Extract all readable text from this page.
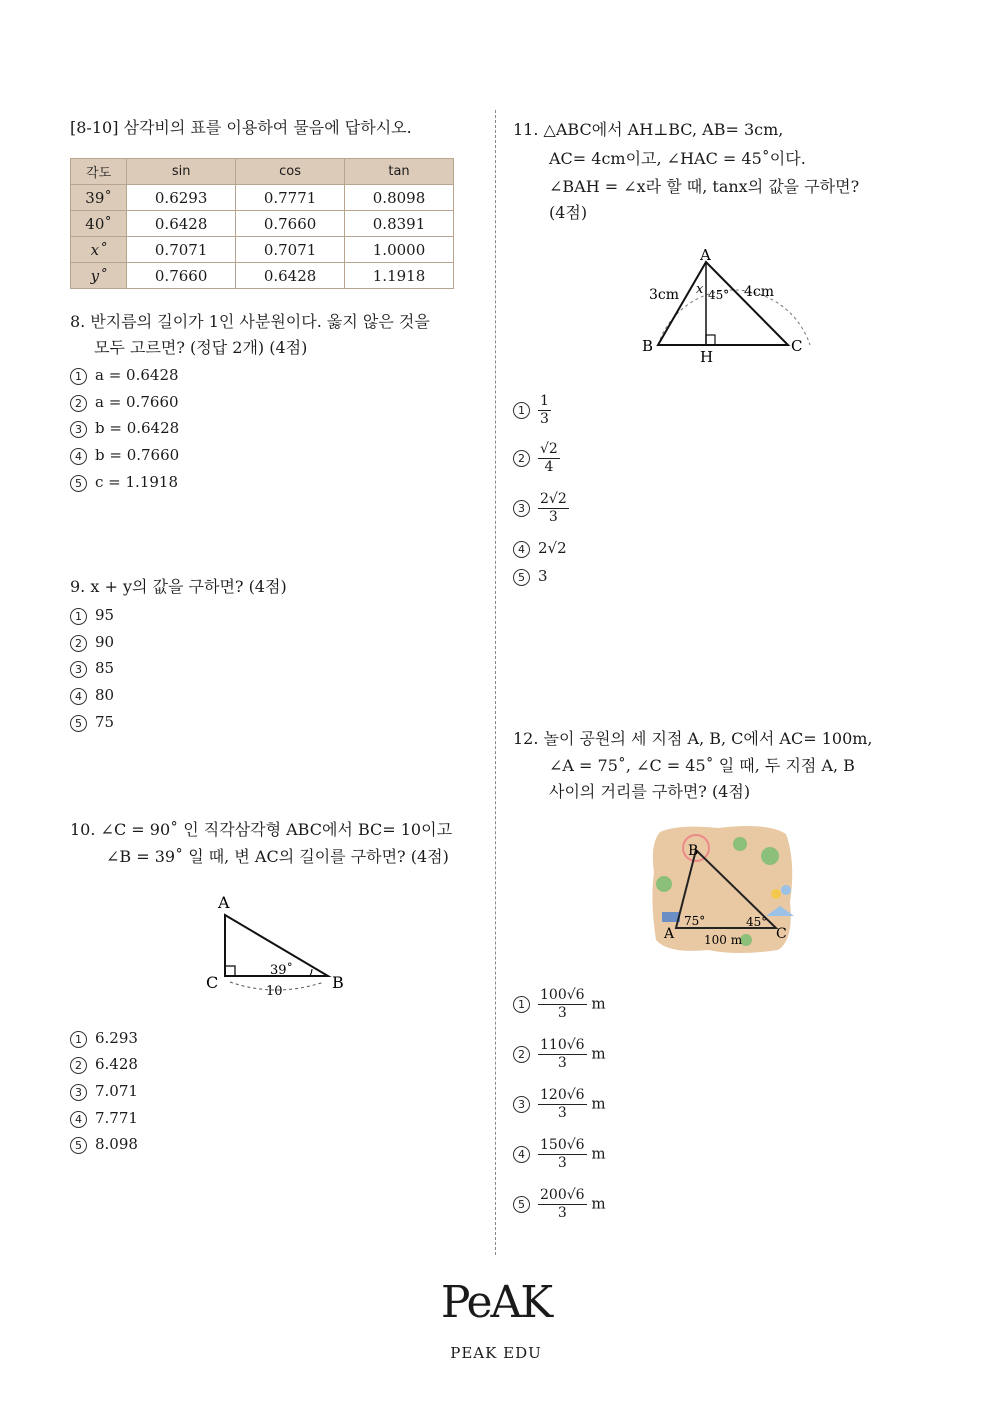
[8-10] 삼각비의 표를 이용하여 물음에 답하시오.
각도	sin	cos	tan
39˚	0.6293	0.7771	0.8098
40˚	0.6428	0.7660	0.8391
x˚	0.7071	0.7071	1.0000
y˚	0.7660	0.6428	1.1918
8. 반지름의 길이가 1인 사분원이다. 옳지 않은 것을
모두 고르면? (정답 2개) (4점)
1 a = 0.6428
2 a = 0.7660
3 b = 0.6428
4 b = 0.7660
5 c = 1.1918
9. x + y의 값을 구하면? (4점)
1 95
2 90
3 85
4 80
5 75
10. ∠C = 90˚ 인 직각삼각형 ABC에서 BC= 10이고
∠B = 39˚ 일 때, 변 AC의 길이를 구하면? (4점)
A
C	B
39˚
10
1 6.293
2 6.428
3 7.071
4 7.771
5 8.098
11. △ABC에서 AH⊥BC, AB= 3cm,
AC= 4cm이고, ∠HAC = 45˚이다.
∠BAH = ∠x라 할 때, tanx의 값을 구하면?
(4점)
A
B	C
H
3cm	4cm
x 45°
$1 \frac{1}{3}$
$2 \frac{√2}{4}$
$3 \frac{2√2}{3}$
4 2√2
5 3
12. 놀이 공원의 세 지점 A, B, C에서 AC= 100m,
∠A = 75˚, ∠C = 45˚ 일 때, 두 지점 A, B
사이의 거리를 구하면? (4점)
B
A	C
75°	45°
100 m
$1 \frac{100√6}{3}$ m
$2 \frac{110√6}{3}$ m
$3 \frac{120√6}{3}$ m
$4 \frac{150√6}{3}$ m
$5 \frac{200√6}{3}$ m
PeAK
PEAK EDU
